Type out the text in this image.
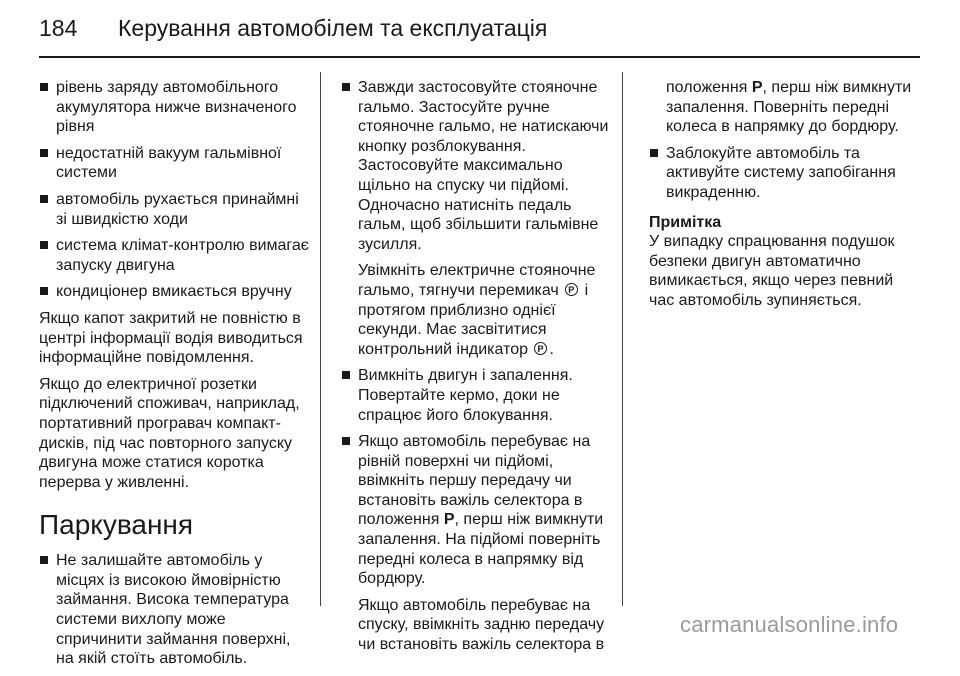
184	Керування автомобілем та експлуатація
рівень заряду автомобільного акумулятора нижче визначеного рівня
недостатній вакуум гальмівної системи
автомобіль рухається принаймні зі швидкістю ходи
система клімат-контролю вимагає запуску двигуна
кондиціонер вмикається вручну
Якщо капот закритий не повністю в центрі інформації водія виводиться інформаційне повідомлення.
Якщо до електричної розетки підключений споживач, наприклад, портативний програвач компакт-дисків, під час повторного запуску двигуна може статися коротка перерва у живленні.
Паркування
Не залишайте автомобіль у місцях із високою ймовірністю займання. Висока температура системи вихлопу може спричинити займання поверхні, на якій стоїть автомобіль.
Завжди застосовуйте стояночне гальмо. Застосуйте ручне стояночне гальмо, не натискаючи кнопку розблокування. Застосовуйте максимально щільно на спуску чи підйомі. Одночасно натисніть педаль гальм, щоб збільшити гальмівне зусилля.
Увімкніть електричне стояночне гальмо, тягнучи перемикач P і протягом приблизно однієї секунди. Має засвітитися контрольний індикатор P .
Вимкніть двигун і запалення. Повертайте кермо, доки не спрацює його блокування.
Якщо автомобіль перебуває на рівній поверхні чи підйомі, ввімкніть першу передачу чи встановіть важіль селектора в положення P, перш ніж вимкнути запалення. На підйомі поверніть передні колеса в напрямку від бордюру.
Якщо автомобіль перебуває на спуску, ввімкніть задню передачу чи встановіть важіль селектора в
положення P, перш ніж вимкнути запалення. Поверніть передні колеса в напрямку до бордюру.
Заблокуйте автомобіль та активуйте систему запобігання викраденню.
Примітка
У випадку спрацювання подушок безпеки двигун автоматично вимикається, якщо через певний час автомобіль зупиняється.
carmanualsonline.info
